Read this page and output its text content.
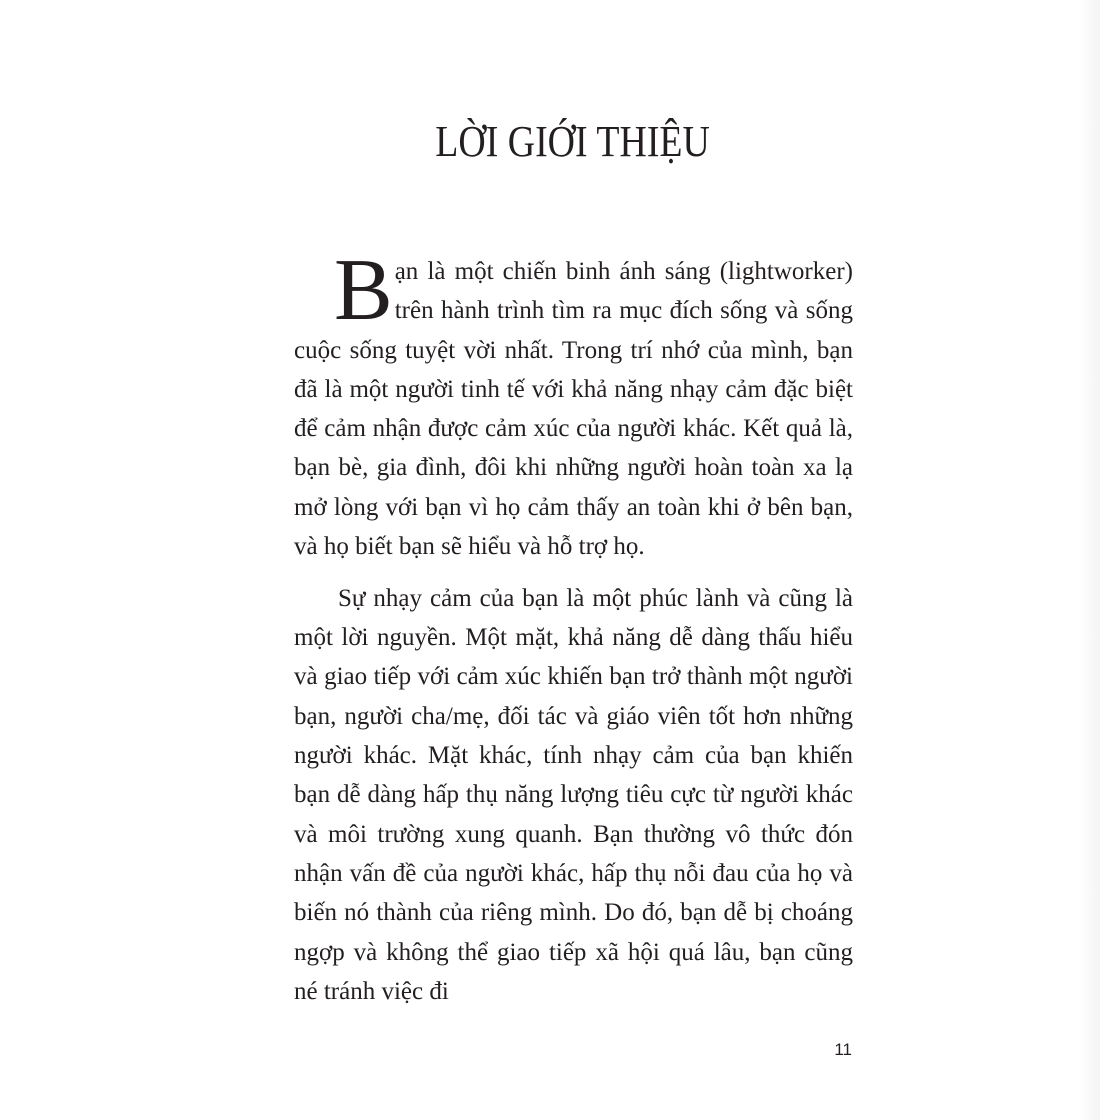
LỜI GIỚI THIỆU

Bạn là một chiến binh ánh sáng (lightworker) trên hành trình tìm ra mục đích sống và sống cuộc sống tuyệt vời nhất. Trong trí nhớ của mình, bạn đã là một người tinh tế với khả năng nhạy cảm đặc biệt để cảm nhận được cảm xúc của người khác. Kết quả là, bạn bè, gia đình, đôi khi những người hoàn toàn xa lạ mở lòng với bạn vì họ cảm thấy an toàn khi ở bên bạn, và họ biết bạn sẽ hiểu và hỗ trợ họ.

Sự nhạy cảm của bạn là một phúc lành và cũng là một lời nguyền. Một mặt, khả năng dễ dàng thấu hiểu và giao tiếp với cảm xúc khiến bạn trở thành một người bạn, người cha/mẹ, đối tác và giáo viên tốt hơn những người khác. Mặt khác, tính nhạy cảm của bạn khiến bạn dễ dàng hấp thụ năng lượng tiêu cực từ người khác và môi trường xung quanh. Bạn thường vô thức đón nhận vấn đề của người khác, hấp thụ nỗi đau của họ và biến nó thành của riêng mình. Do đó, bạn dễ bị choáng ngợp và không thể giao tiếp xã hội quá lâu, bạn cũng né tránh việc đi

11
